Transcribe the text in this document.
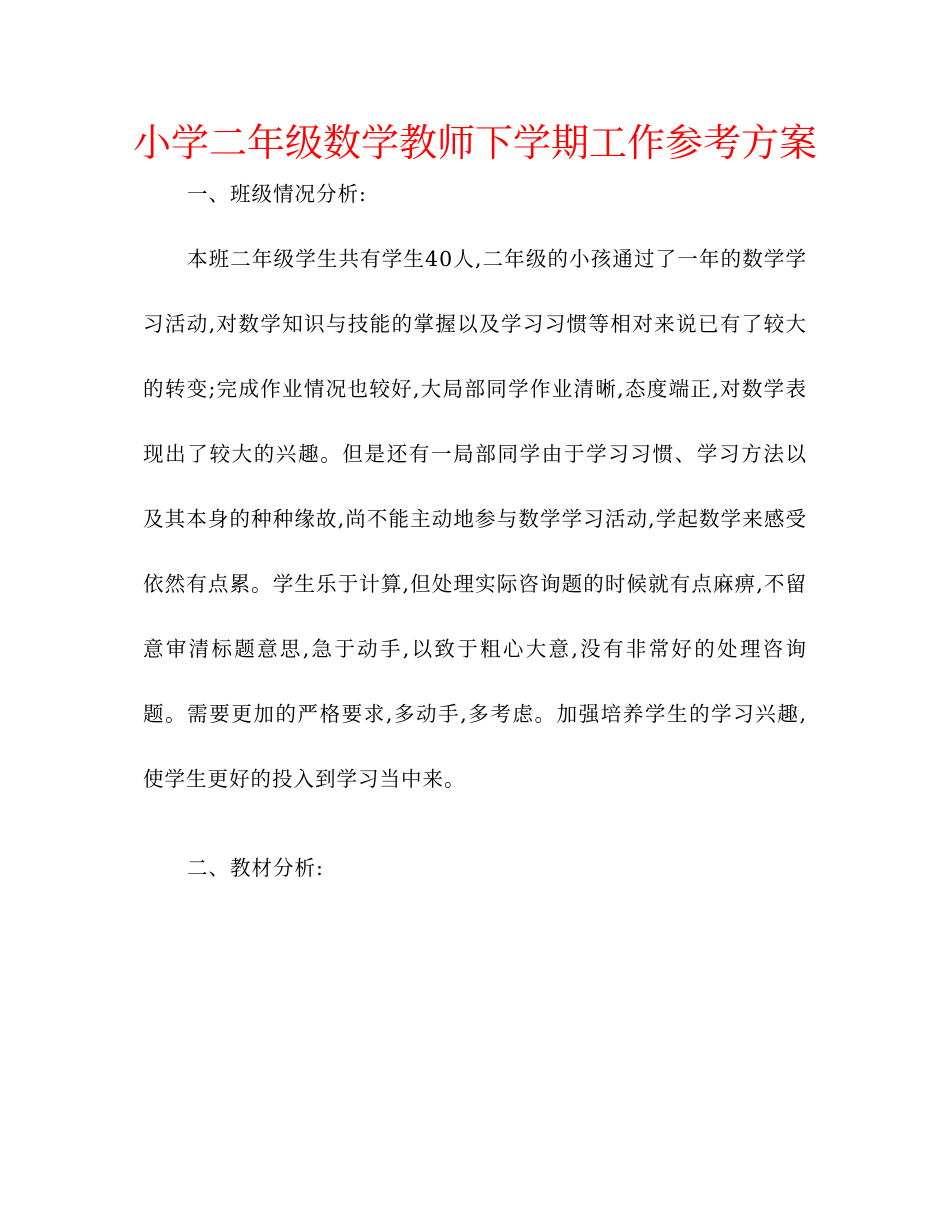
小学二年级数学教师下学期工作参考方案
一、班级情况分析:
本班二年级学生共有学生40人,二年级的小孩通过了一年的数学学习活动,对数学知识与技能的掌握以及学习习惯等相对来说已有了较大的转变;完成作业情况也较好,大局部同学作业清晰,态度端正,对数学表现出了较大的兴趣。但是还有一局部同学由于学习习惯、学习方法以及其本身的种种缘故,尚不能主动地参与数学学习活动,学起数学来感受依然有点累。学生乐于计算,但处理实际咨询题的时候就有点麻痹,不留意审清标题意思,急于动手,以致于粗心大意,没有非常好的处理咨询题。需要更加的严格要求,多动手,多考虑。加强培养学生的学习兴趣,使学生更好的投入到学习当中来。
二、教材分析:
